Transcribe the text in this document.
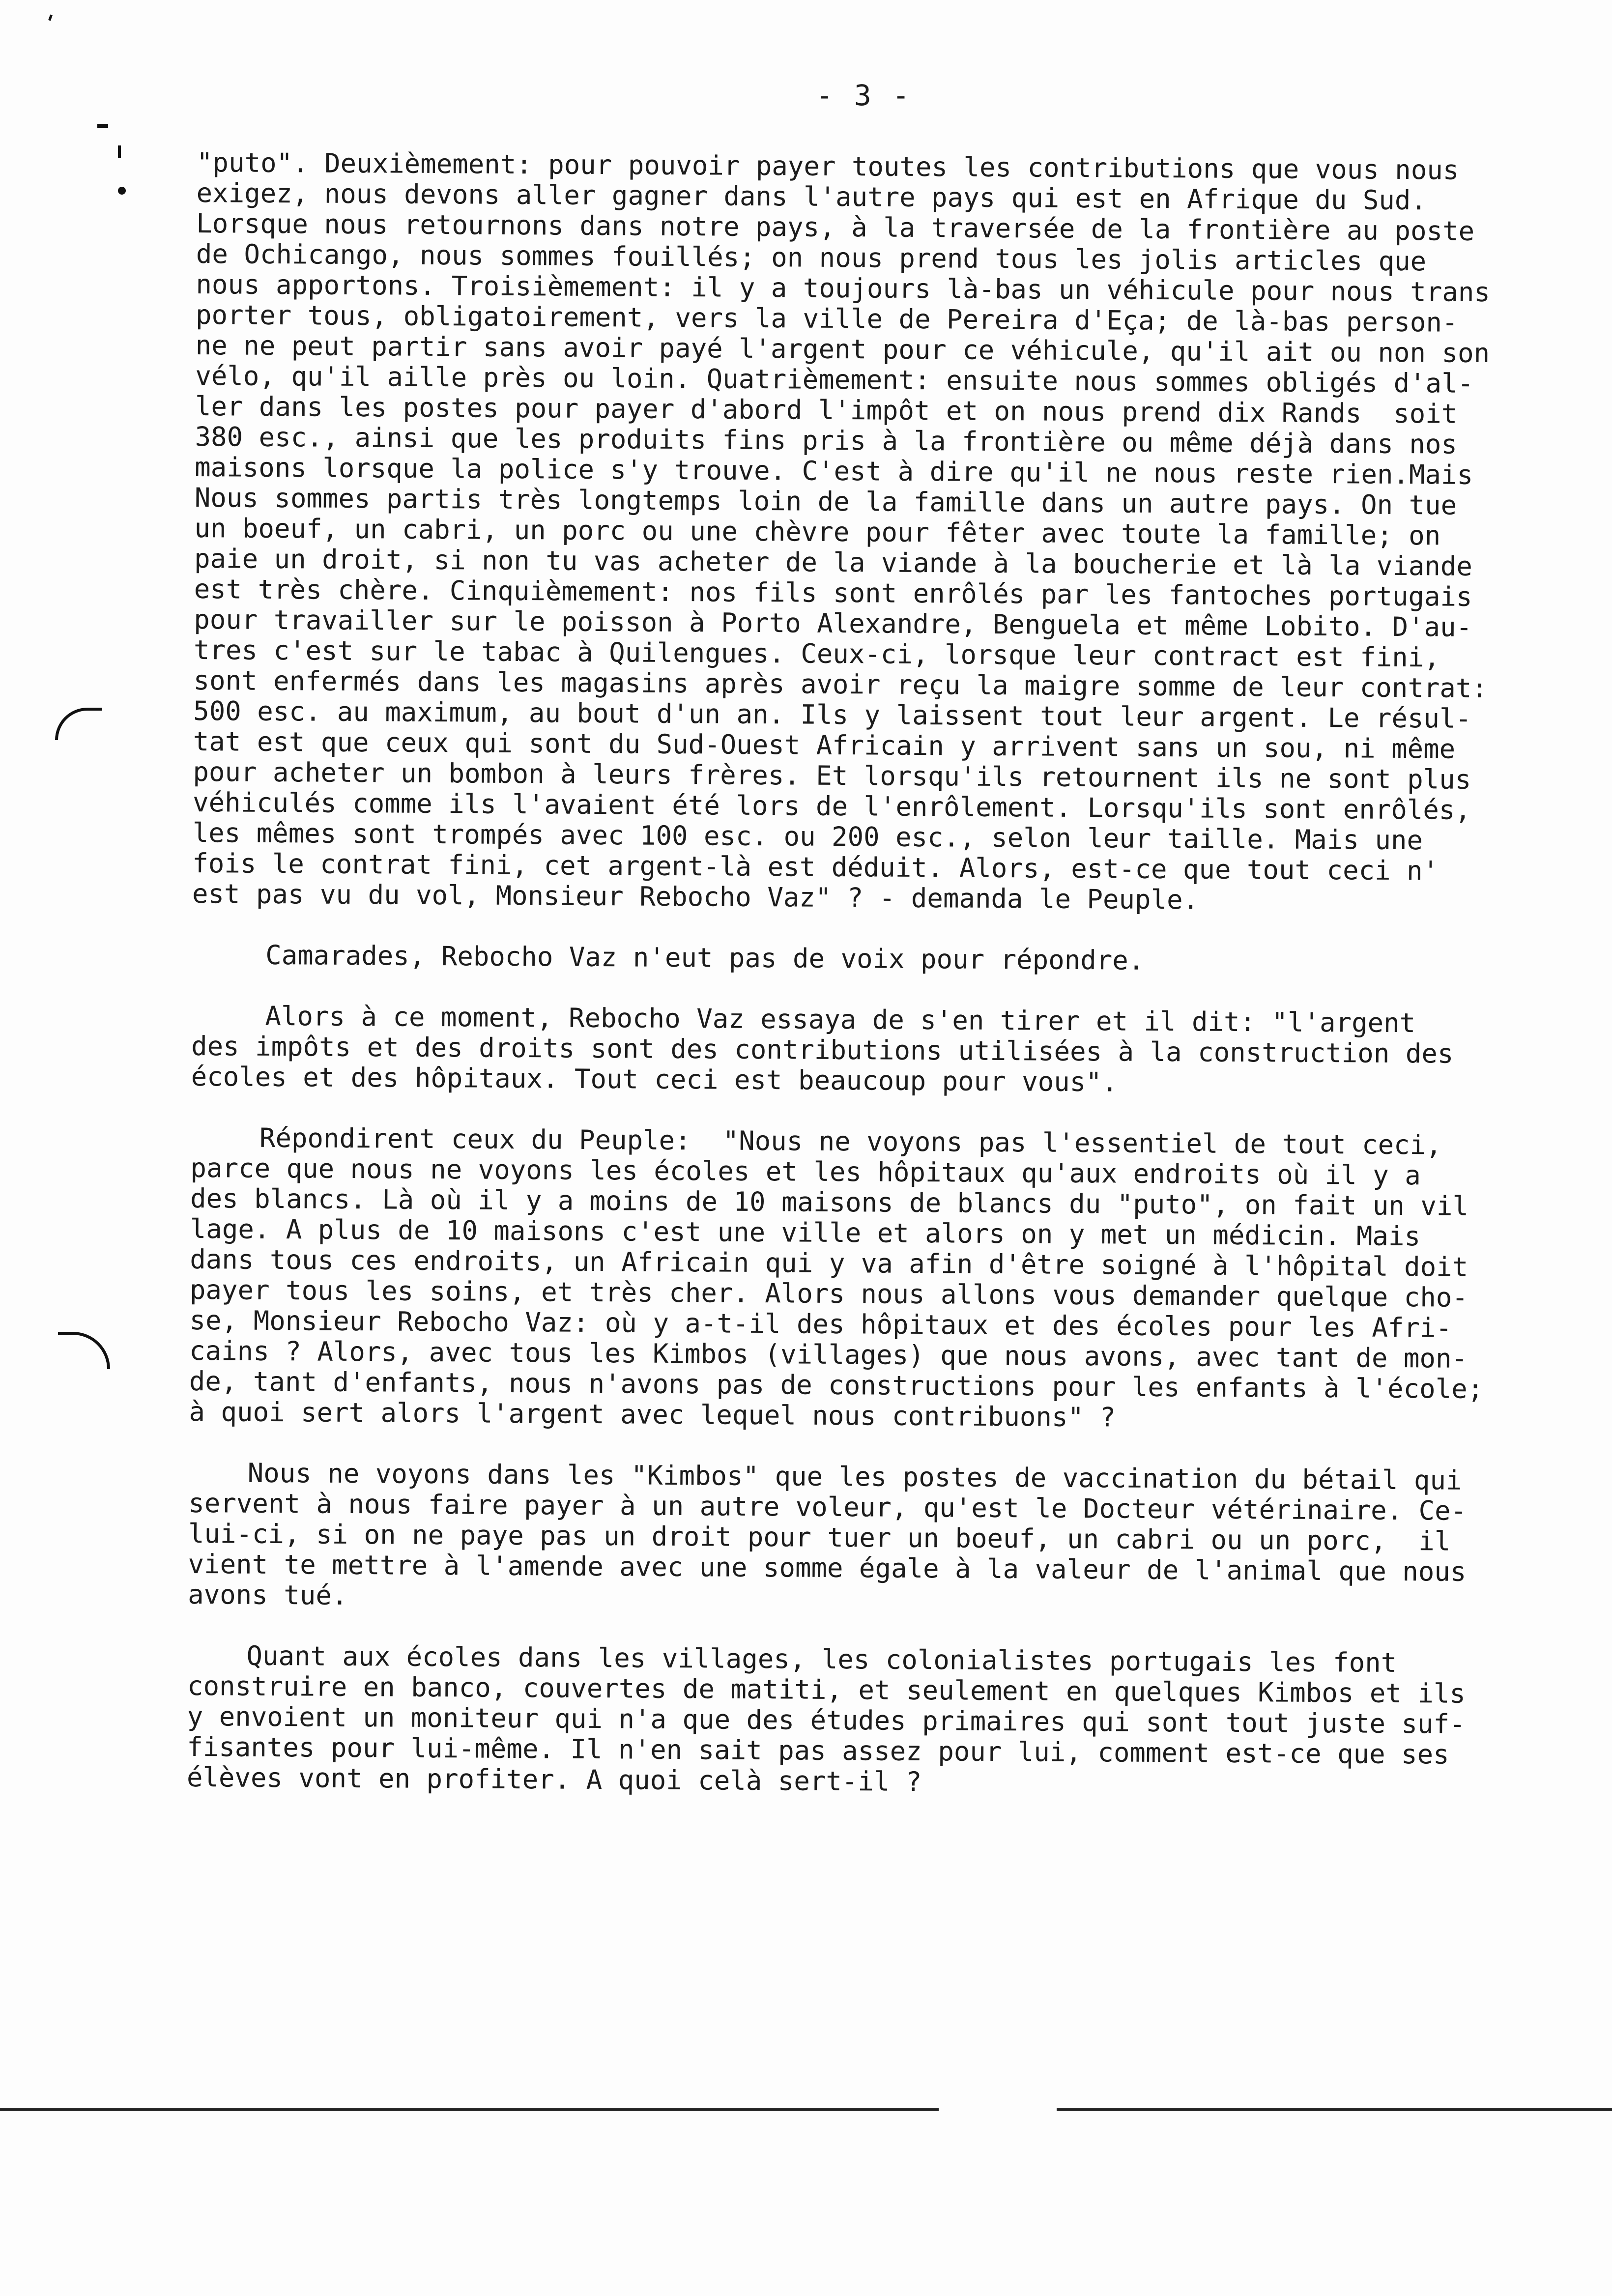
- 3 -
"puto". Deuxièmement: pour pouvoir payer toutes les contributions que vous nous
exigez, nous devons aller gagner dans l'autre pays qui est en Afrique du Sud.
Lorsque nous retournons dans notre pays, à la traversée de la frontière au poste
de Ochicango, nous sommes fouillés; on nous prend tous les jolis articles que
nous apportons. Troisièmement: il y a toujours là-bas un véhicule pour nous trans
porter tous, obligatoirement, vers la ville de Pereira d'Eça; de là-bas person-
ne ne peut partir sans avoir payé l'argent pour ce véhicule, qu'il ait ou non son
vélo, qu'il aille près ou loin. Quatrièmement: ensuite nous sommes obligés d'al-
ler dans les postes pour payer d'abord l'impôt et on nous prend dix Rands  soit
380 esc., ainsi que les produits fins pris à la frontière ou même déjà dans nos
maisons lorsque la police s'y trouve. C'est à dire qu'il ne nous reste rien.Mais
Nous sommes partis très longtemps loin de la famille dans un autre pays. On tue
un boeuf, un cabri, un porc ou une chèvre pour fêter avec toute la famille; on
paie un droit, si non tu vas acheter de la viande à la boucherie et là la viande
est très chère. Cinquièmement: nos fils sont enrôlés par les fantoches portugais
pour travailler sur le poisson à Porto Alexandre, Benguela et même Lobito. D'au-
tres c'est sur le tabac à Quilengues. Ceux-ci, lorsque leur contract est fini,
sont enfermés dans les magasins après avoir reçu la maigre somme de leur contrat:
500 esc. au maximum, au bout d'un an. Ils y laissent tout leur argent. Le résul-
tat est que ceux qui sont du Sud-Ouest Africain y arrivent sans un sou, ni même
pour acheter un bombon à leurs frères. Et lorsqu'ils retournent ils ne sont plus
véhiculés comme ils l'avaient été lors de l'enrôlement. Lorsqu'ils sont enrôlés,
les mêmes sont trompés avec 100 esc. ou 200 esc., selon leur taille. Mais une
fois le contrat fini, cet argent-là est déduit. Alors, est-ce que tout ceci n'
est pas vu du vol, Monsieur Rebocho Vaz" ? - demanda le Peuple.
Camarades, Rebocho Vaz n'eut pas de voix pour répondre.
Alors à ce moment, Rebocho Vaz essaya de s'en tirer et il dit: "l'argent
des impôts et des droits sont des contributions utilisées à la construction des
écoles et des hôpitaux. Tout ceci est beaucoup pour vous".
Répondirent ceux du Peuple:  "Nous ne voyons pas l'essentiel de tout ceci,
parce que nous ne voyons les écoles et les hôpitaux qu'aux endroits où il y a
des blancs. Là où il y a moins de 10 maisons de blancs du "puto", on fait un vil
lage. A plus de 10 maisons c'est une ville et alors on y met un médicin. Mais
dans tous ces endroits, un Africain qui y va afin d'être soigné à l'hôpital doit
payer tous les soins, et très cher. Alors nous allons vous demander quelque cho-
se, Monsieur Rebocho Vaz: où y a-t-il des hôpitaux et des écoles pour les Afri-
cains ? Alors, avec tous les Kimbos (villages) que nous avons, avec tant de mon-
de, tant d'enfants, nous n'avons pas de constructions pour les enfants à l'école;
à quoi sert alors l'argent avec lequel nous contribuons" ?
Nous ne voyons dans les "Kimbos" que les postes de vaccination du bétail qui
servent à nous faire payer à un autre voleur, qu'est le Docteur vétérinaire. Ce-
lui-ci, si on ne paye pas un droit pour tuer un boeuf, un cabri ou un porc,  il
vient te mettre à l'amende avec une somme égale à la valeur de l'animal que nous
avons tué.
Quant aux écoles dans les villages, les colonialistes portugais les font
construire en banco, couvertes de matiti, et seulement en quelques Kimbos et ils
y envoient un moniteur qui n'a que des études primaires qui sont tout juste suf-
fisantes pour lui-même. Il n'en sait pas assez pour lui, comment est-ce que ses
élèves vont en profiter. A quoi celà sert-il ?
